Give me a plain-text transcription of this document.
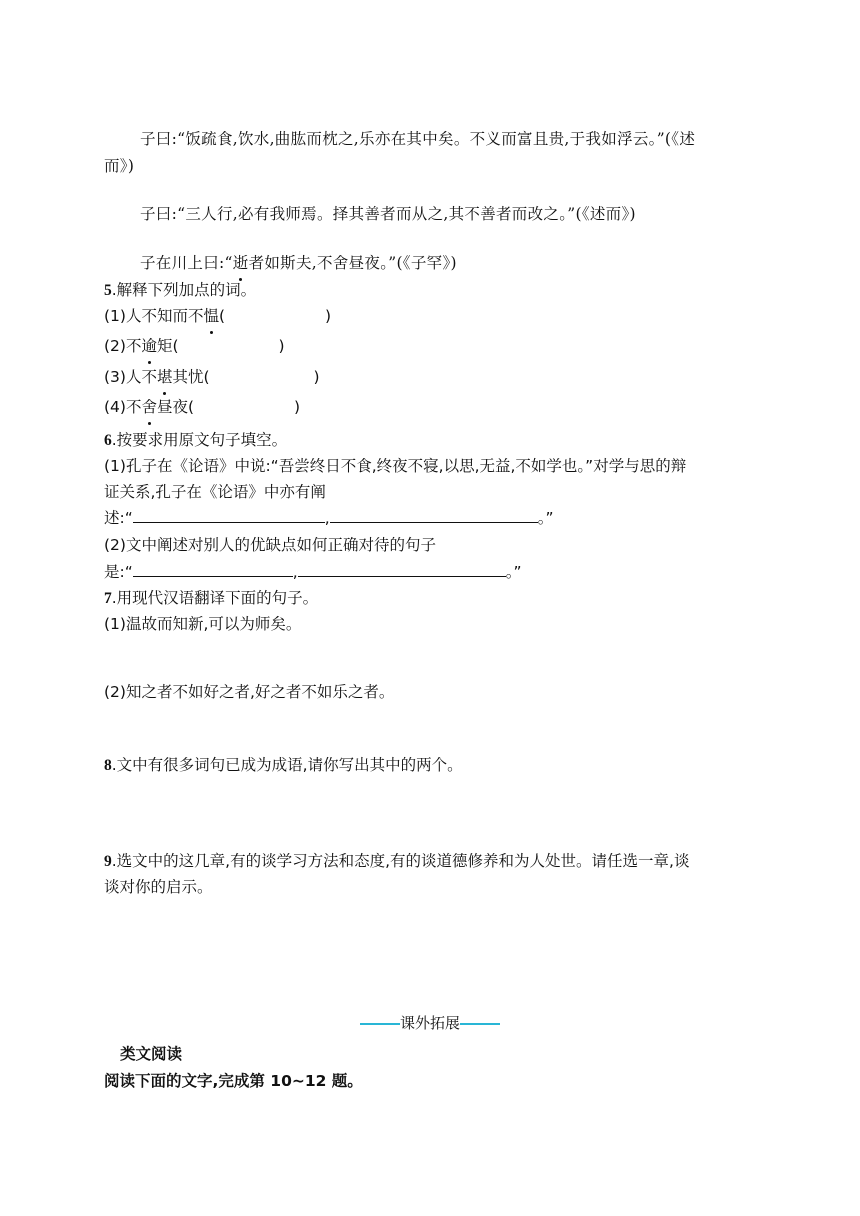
子曰:“饭疏食,饮水,曲肱而枕之,乐亦在其中矣。不义而富且贵,于我如浮云。”(《述
而》)
子曰:“三人行,必有我师焉。择其善者而从之,其不善者而改之。”(《述而》)
子在川上曰:“逝者如斯夫,不舍昼夜。”(《子罕》)
5.解释下列加点的词。
(1)人不知而不愠(	)
(2)不逾矩(	)
(3)人不堪其忧(	)
(4)不舍昼夜(	)
6.按要求用原文句子填空。
(1)孔子在《论语》中说:“吾尝终日不食,终夜不寝,以思,无益,不如学也。”对学与思的辩
证关系,孔子在《论语》中亦有阐
述:“	,	。”
(2)文中阐述对别人的优缺点如何正确对待的句子
是:“	,	。”
7.用现代汉语翻译下面的句子。
(1)温故而知新,可以为师矣。
(2)知之者不如好之者,好之者不如乐之者。
8.文中有很多词句已成为成语,请你写出其中的两个。
9.选文中的这几章,有的谈学习方法和态度,有的谈道德修养和为人处世。请任选一章,谈
谈对你的启示。
课外拓展
类文阅读
阅读下面的文字,完成第 10~12 题。
